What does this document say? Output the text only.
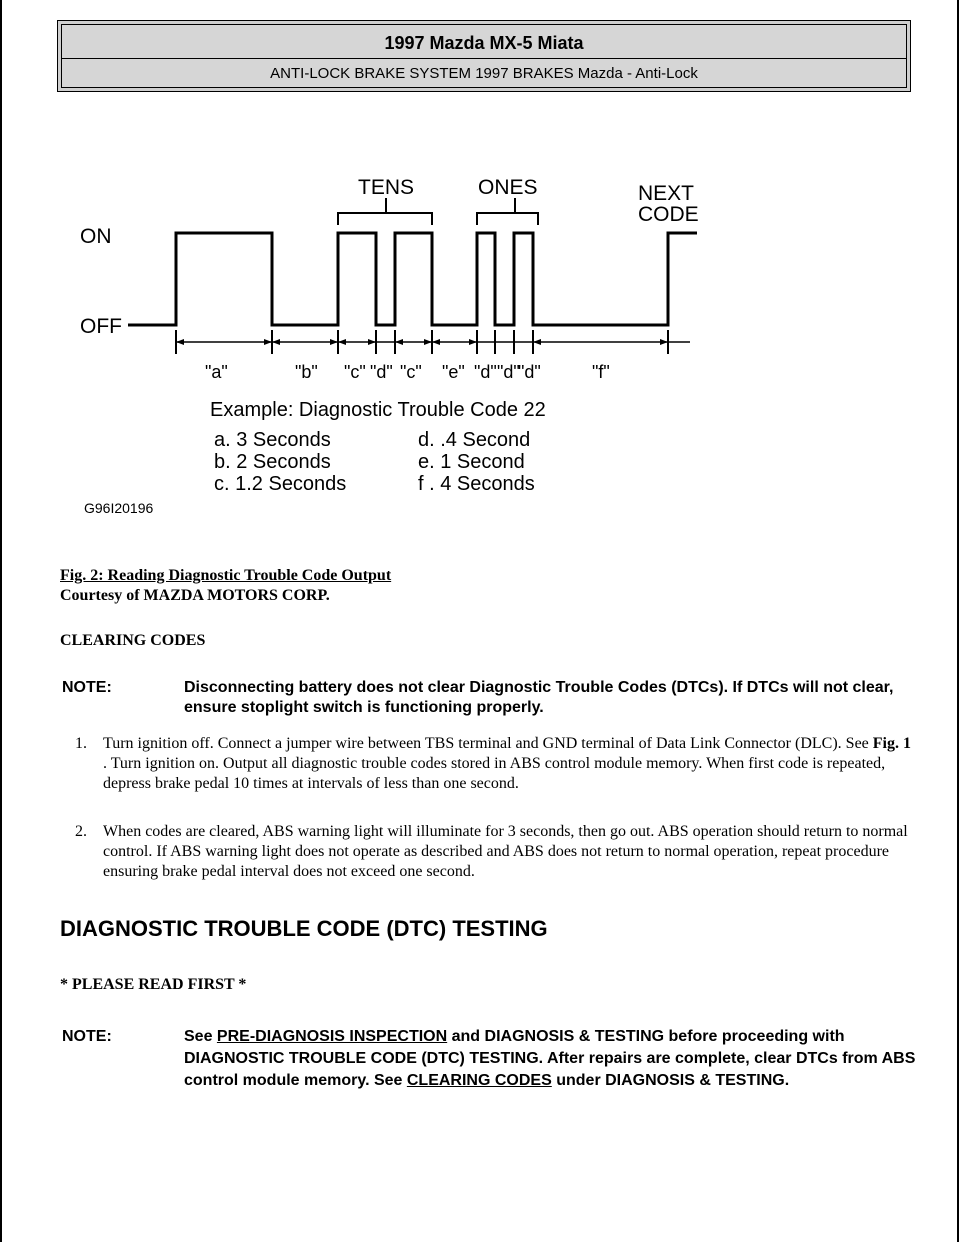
1997 Mazda MX-5 Miata
ANTI-LOCK BRAKE SYSTEM 1997 BRAKES Mazda - Anti-Lock
TENS	ONES	NEXT
CODE
ON
OFF
"a"	"b" "c" "d" "c" "e" "d" "d"
"d"	"f"
Example: Diagnostic Trouble Code 22
a. 3 Seconds
b. 2 Seconds
c. 1.2 Seconds
d. .4 Second
e. 1 Second
f . 4 Seconds
G96I20196
Fig. 2: Reading Diagnostic Trouble Code Output
Courtesy of MAZDA MOTORS CORP.
CLEARING CODES
NOTE:	Disconnecting battery does not clear Diagnostic Trouble Codes (DTCs). If DTCs will not clear, ensure stoplight switch is functioning properly.
1. Turn ignition off. Connect a jumper wire between TBS terminal and GND terminal of Data Link Connector (DLC). See Fig. 1 . Turn ignition on. Output all diagnostic trouble codes stored in ABS control module memory. When first code is repeated, depress brake pedal 10 times at intervals of less than one second.
2. When codes are cleared, ABS warning light will illuminate for 3 seconds, then go out. ABS operation should return to normal control. If ABS warning light does not operate as described and ABS does not return to normal operation, repeat procedure ensuring brake pedal interval does not exceed one second.
DIAGNOSTIC TROUBLE CODE (DTC) TESTING
* PLEASE READ FIRST *
NOTE:	See PRE-DIAGNOSIS INSPECTION and DIAGNOSIS & TESTING before proceeding with DIAGNOSTIC TROUBLE CODE (DTC) TESTING. After repairs are complete, clear DTCs from ABS control module memory. See CLEARING CODES under DIAGNOSIS & TESTING.
